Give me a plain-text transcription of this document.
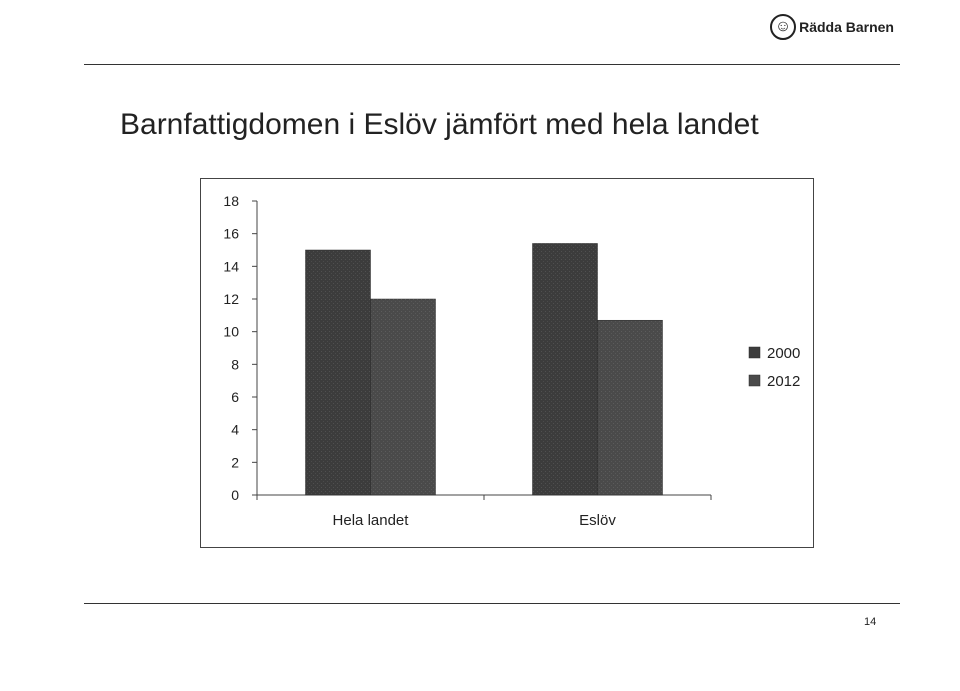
☺ Rädda Barnen
Barnfattigdomen i Eslöv jämfört med hela landet
0
2
4
6
8
10
12
14
16
18
Hela landet	Eslöv
2000
2012
14
